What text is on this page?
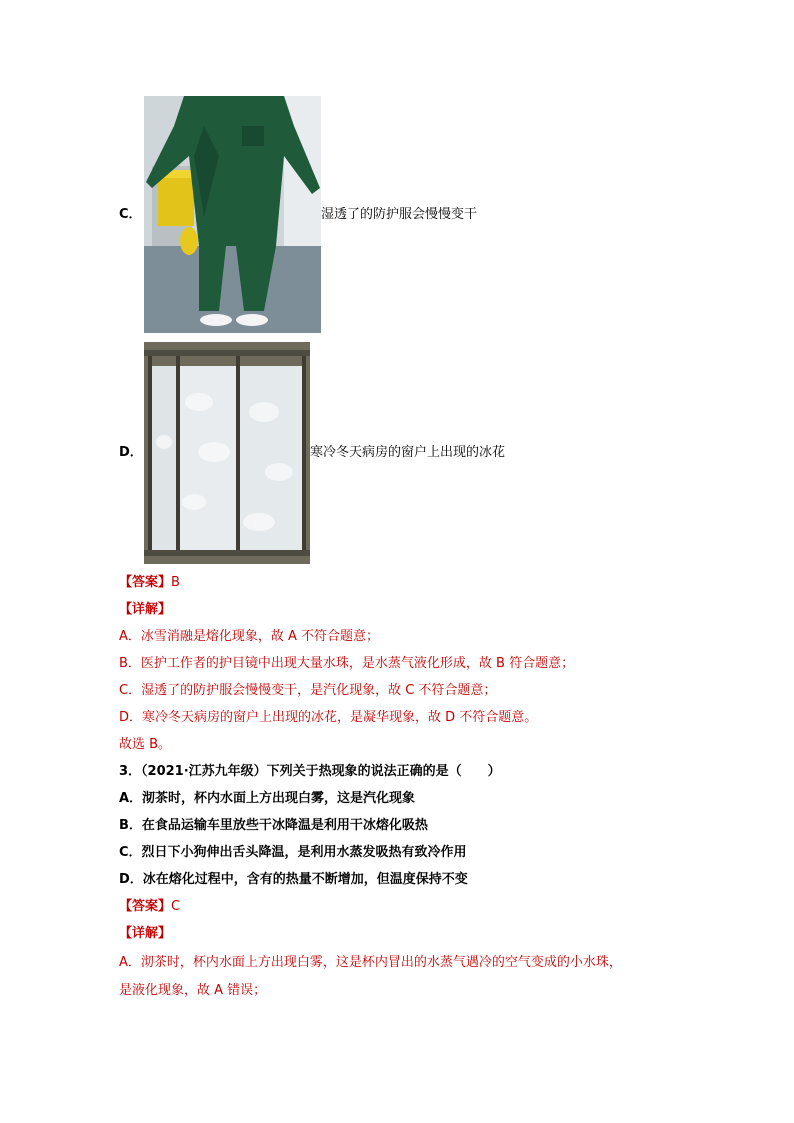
C．	湿透了的防护服会慢慢变干
D．	寒冷冬天病房的窗户上出现的冰花
【答案】B
【详解】
A．冰雪消融是熔化现象，故 A 不符合题意；
B．医护工作者的护目镜中出现大量水珠，是水蒸气液化形成，故 B 符合题意；
C．湿透了的防护服会慢慢变干，是汽化现象，故 C 不符合题意；
D．寒冷冬天病房的窗户上出现的冰花，是凝华现象，故 D 不符合题意。
故选 B。
3．（2021·江苏九年级）下列关于热现象的说法正确的是（　　）
A．沏茶时，杯内水面上方出现白雾，这是汽化现象
B．在食品运输车里放些干冰降温是利用干冰熔化吸热
C．烈日下小狗伸出舌头降温，是利用水蒸发吸热有致冷作用
D．冰在熔化过程中，含有的热量不断增加，但温度保持不变
【答案】C
【详解】
A．沏茶时，杯内水面上方出现白雾，这是杯内冒出的水蒸气遇冷的空气变成的小水珠，
是液化现象，故 A 错误；
